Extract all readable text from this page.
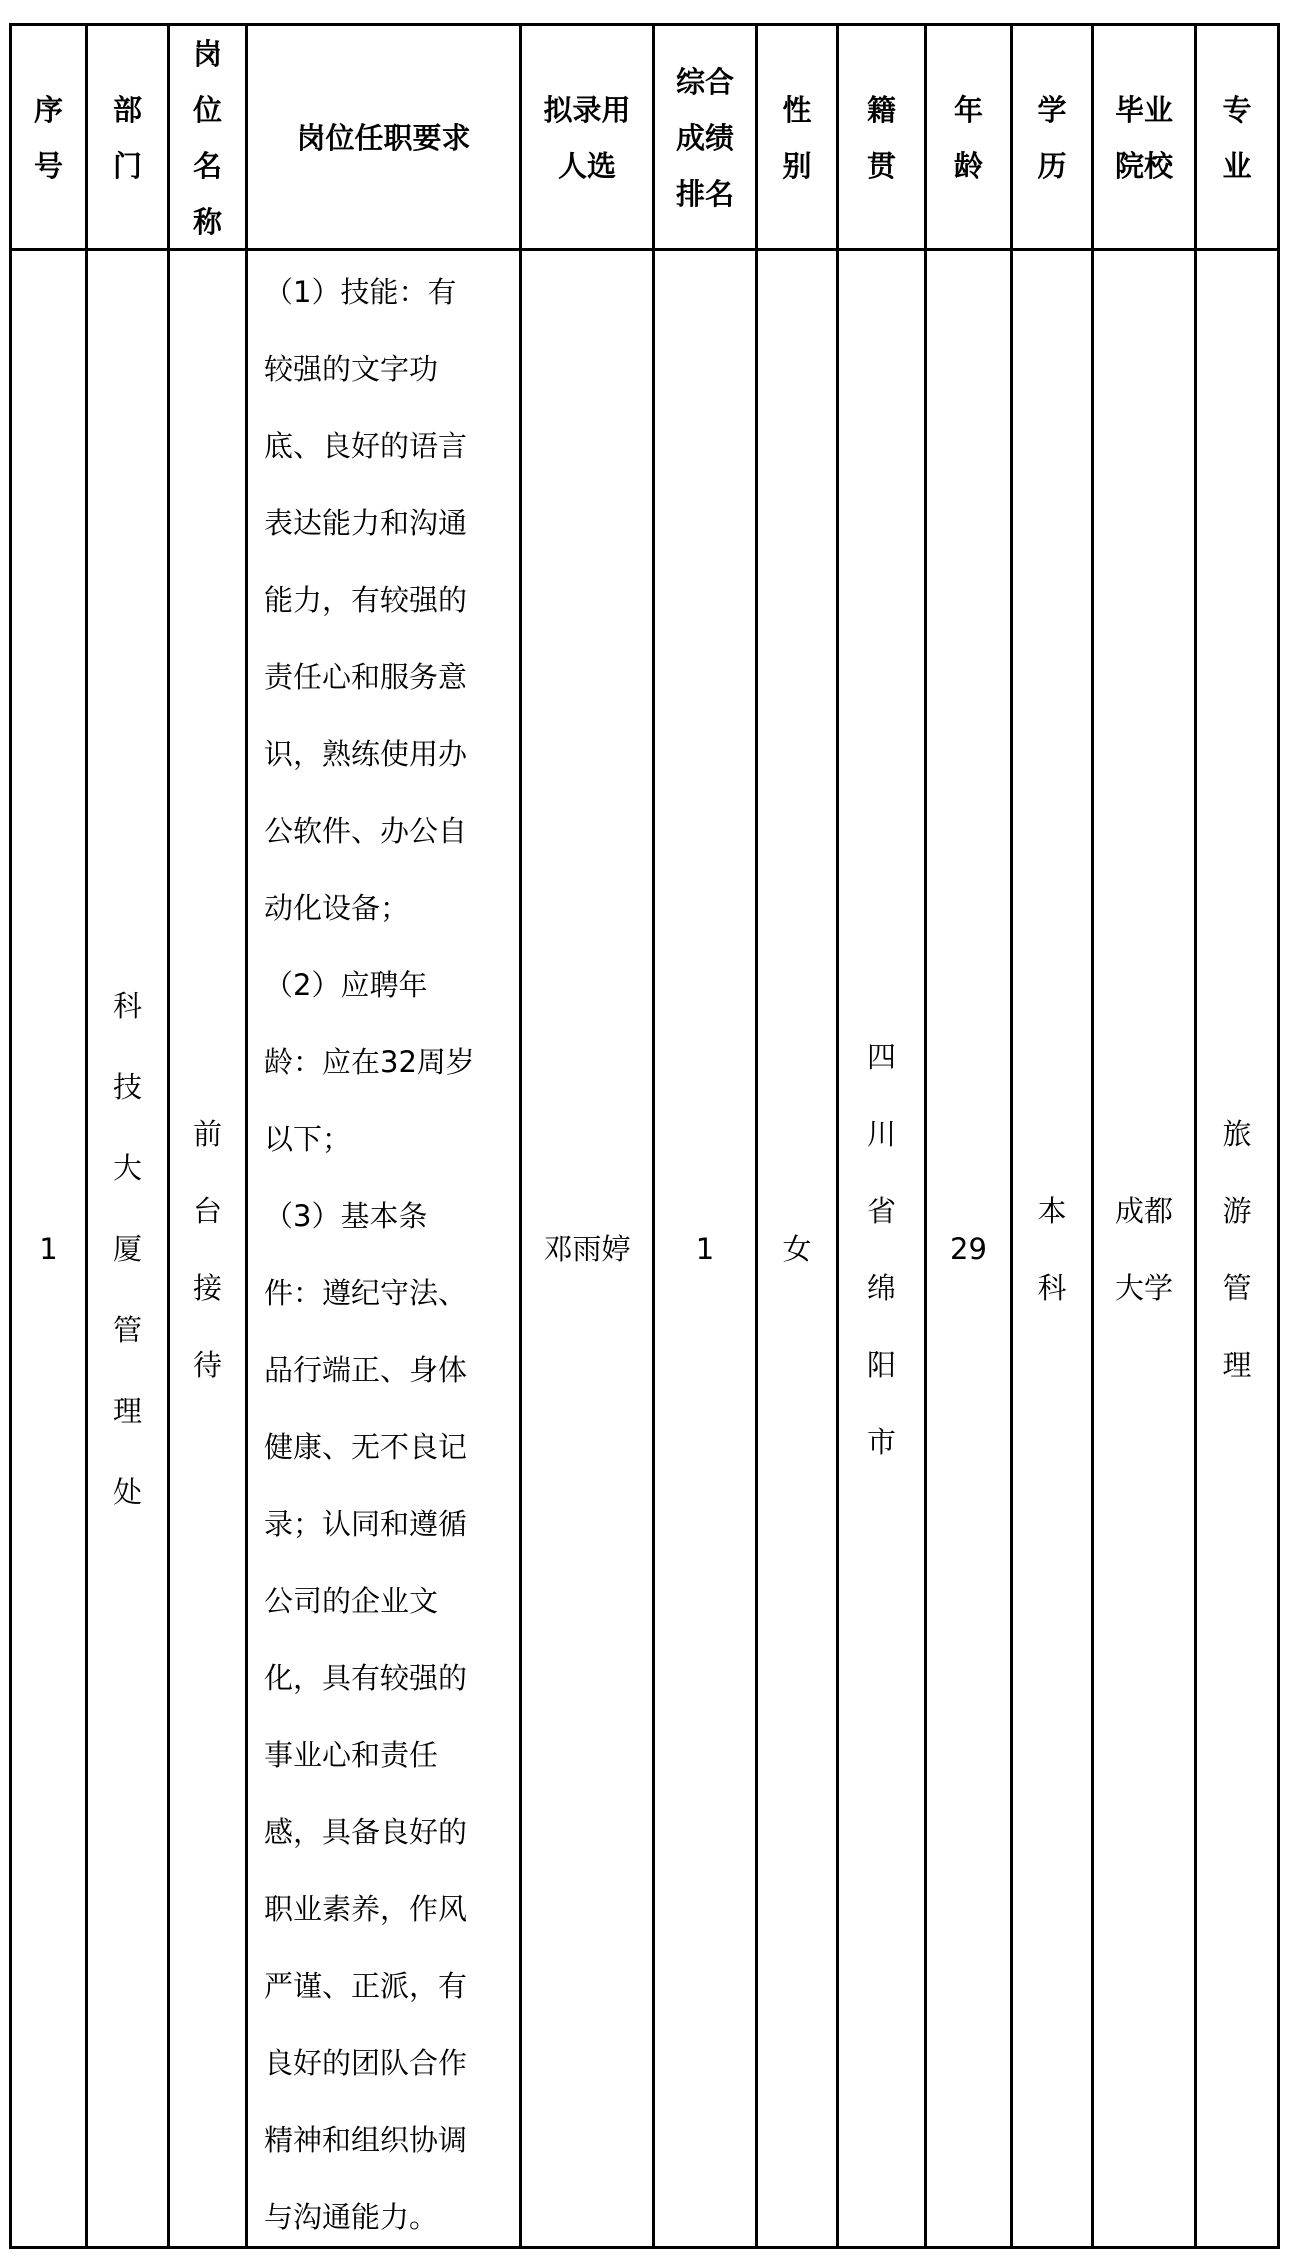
序
号
部
门
岗
位
名
称
岗位任职要求
拟录用
人选
综合
成绩
排名
性
别
籍
贯
年
龄
学
历
毕业
院校
专
业
1
科
技
大
厦
管
理
处
前
台
接
待
（1）技能：有
较强的文字功
底、良好的语言
表达能力和沟通
能力，有较强的
责任心和服务意
识，熟练使用办
公软件、办公自
动化设备；
（2）应聘年
龄：应在32周岁
以下；
（3）基本条
件：遵纪守法、
品行端正、身体
健康、无不良记
录；认同和遵循
公司的企业文
化，具有较强的
事业心和责任
感，具备良好的
职业素养，作风
严谨、正派，有
良好的团队合作
精神和组织协调
与沟通能力。
邓雨婷 1 女
四
川
省
绵
阳
市
29
本
科
成都
大学
旅
游
管
理
